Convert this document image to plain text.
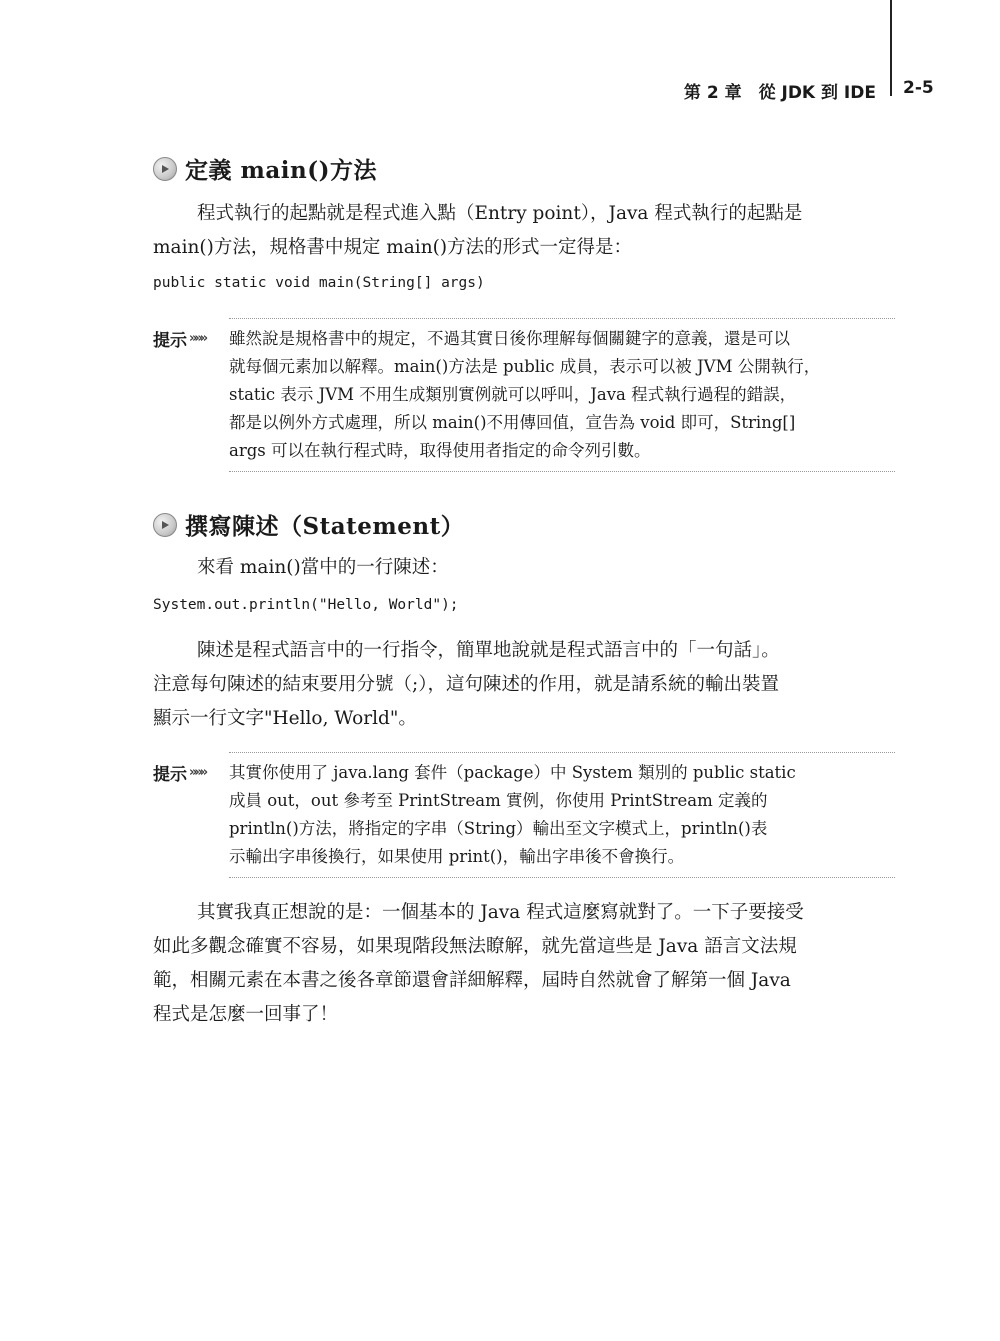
第 2 章　從 JDK 到 IDE 2-5
定義 main()方法
程式執行的起點就是程式進入點（Entry point），Java 程式執行的起點是
main()方法，規格書中規定 main()方法的形式一定得是：
public static void main(String[] args)
提示 »»» 雖然說是規格書中的規定，不過其實日後你理解每個關鍵字的意義，還是可以
就每個元素加以解釋。main()方法是 public 成員，表示可以被 JVM 公開執行，
static 表示 JVM 不用生成類別實例就可以呼叫，Java 程式執行過程的錯誤，
都是以例外方式處理，所以 main()不用傳回值，宣告為 void 即可，String[]
args 可以在執行程式時，取得使用者指定的命令列引數。
撰寫陳述（Statement）
來看 main()當中的一行陳述：
System.out.println("Hello, World");
陳述是程式語言中的一行指令，簡單地說就是程式語言中的「一句話」。
注意每句陳述的結束要用分號（;），這句陳述的作用，就是請系統的輸出裝置
顯示一行文字"Hello, World"。
提示 »»» 其實你使用了 java.lang 套件（package）中 System 類別的 public static
成員 out，out 參考至 PrintStream 實例，你使用 PrintStream 定義的
println()方法，將指定的字串（String）輸出至文字模式上，println()表
示輸出字串後換行，如果使用 print()，輸出字串後不會換行。
其實我真正想說的是：一個基本的 Java 程式這麼寫就對了。一下子要接受
如此多觀念確實不容易，如果現階段無法瞭解，就先當這些是 Java 語言文法規
範，相關元素在本書之後各章節還會詳細解釋，屆時自然就會了解第一個 Java
程式是怎麼一回事了！
